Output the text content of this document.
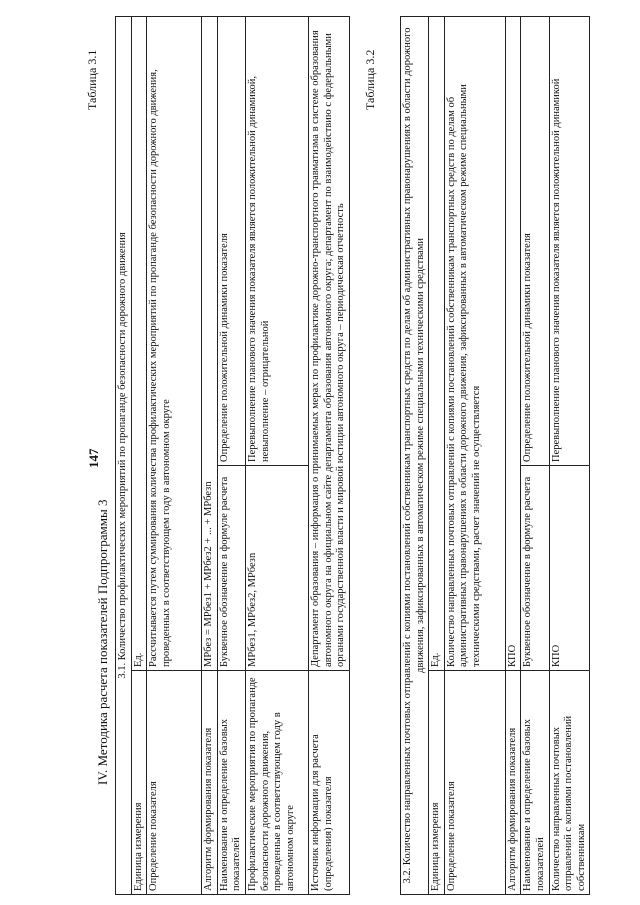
147
IV. Методика расчета показателей Подпрограммы 3
Таблица 3.1
3.1. Количество профилактических мероприятий по пропаганде безопасности дорожного движения		
Единица измерения	Ед.	
Определение показателя	Рассчитывается путем суммирования количества профилактических мероприятий по пропаганде безопасности дорожного движения, проведенных в соответствующем году в автономном округе	
Алгоритм формирования показателя	МРбез = МРбез1 + МРбез2 + ... + МРбезn	
Наименование и определение базовых показателей	Буквенное обозначение в формуле расчета	Определение положительной динамики показателя
Профилактические мероприятия по пропаганде безопасности дорожного движения, проведенные в соответствующем году в автономном округе	МРбез1, МРбез2, МРбезn	Перевыполнение планового значения показателя является положительной динамикой, невыполнение – отрицательной
Источник информации для расчета (определения) показателя	Департамент образования – информация о принимаемых мерах по профилактике дорожно-транспортного травматизма в системе образования автономного округа на официальном сайте департамента образования автономного округа; департамент по взаимодействию с федеральными органами государственной власти и мировой юстиции автономного округа – периодическая отчетность	
Таблица 3.2 3.2. Количество направленных почтовых отправлений с копиями постановлений собственникам транспортных средств по делам об административных правонарушениях в области дорожного движения, зафиксированных в автоматическом режиме специальными техническими средствами		
Единица измерения	Ед.	
Определение показателя	Количество направленных почтовых отправлений с копиями постановлений собственникам транспортных средств по делам об административных правонарушениях в области дорожного движения, зафиксированных в автоматическом режиме специальными техническими средствами, расчет значений не осуществляется	
Алгоритм формирования показателя	КПО	
Наименование и определение базовых показателей	Буквенное обозначение в формуле расчета	Определение положительной динамики показателя
Количество направленных почтовых отправлений с копиями постановлений собственникам	КПО	Перевыполнение планового значения показателя является положительной динамикой
